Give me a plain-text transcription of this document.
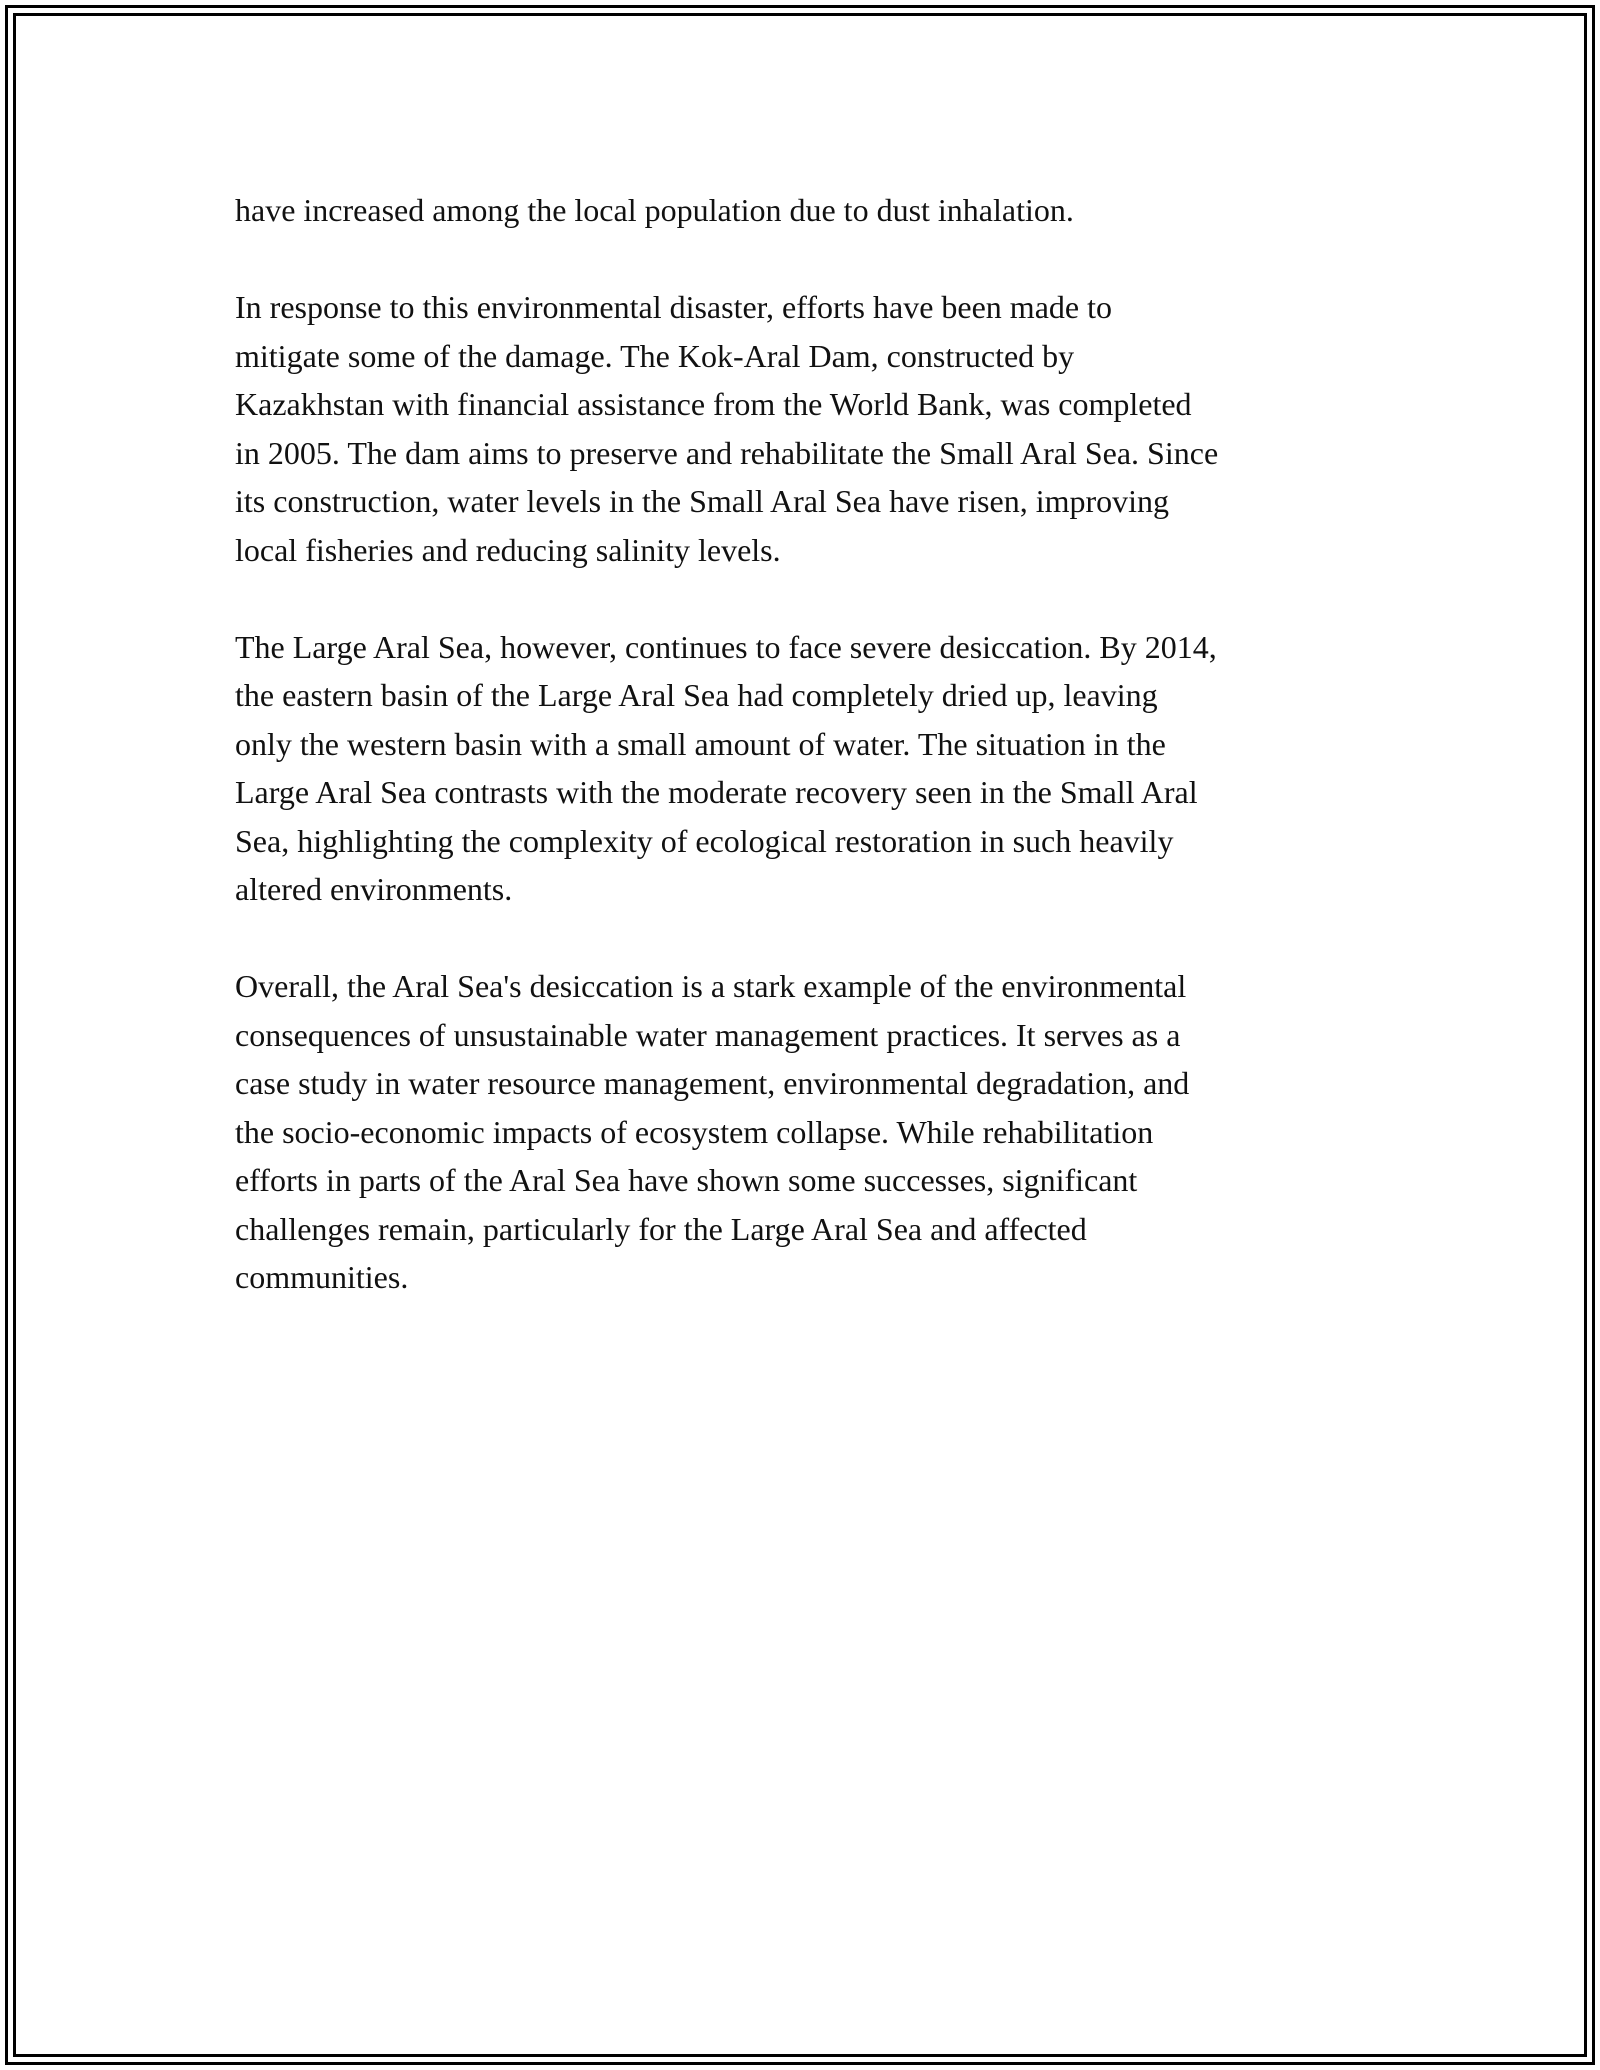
have increased among the local population due to dust inhalation.

In response to this environmental disaster, efforts have been made to
mitigate some of the damage. The Kok-Aral Dam, constructed by
Kazakhstan with financial assistance from the World Bank, was completed
in 2005. The dam aims to preserve and rehabilitate the Small Aral Sea. Since
its construction, water levels in the Small Aral Sea have risen, improving
local fisheries and reducing salinity levels.

The Large Aral Sea, however, continues to face severe desiccation. By 2014,
the eastern basin of the Large Aral Sea had completely dried up, leaving
only the western basin with a small amount of water. The situation in the
Large Aral Sea contrasts with the moderate recovery seen in the Small Aral
Sea, highlighting the complexity of ecological restoration in such heavily
altered environments.

Overall, the Aral Sea's desiccation is a stark example of the environmental
consequences of unsustainable water management practices. It serves as a
case study in water resource management, environmental degradation, and
the socio-economic impacts of ecosystem collapse. While rehabilitation
efforts in parts of the Aral Sea have shown some successes, significant
challenges remain, particularly for the Large Aral Sea and affected
communities.
